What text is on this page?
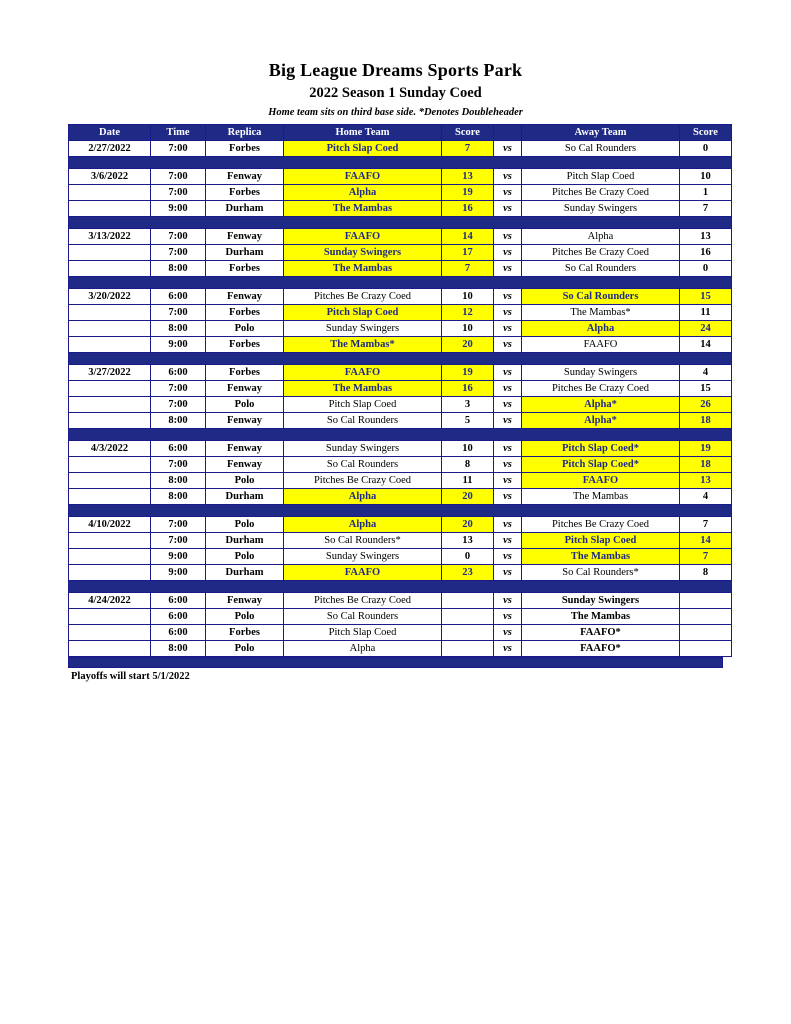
Big League Dreams Sports Park
2022 Season 1 Sunday Coed
Home team sits on third base side. *Denotes Doubleheader
Date	Time	Replica	Home Team	Score		Away Team	Score
2/27/2022	7:00	Forbes	Pitch Slap Coed	7	vs	So Cal Rounders	0

3/6/2022	7:00	Fenway	FAAFO	13	vs	Pitch Slap Coed	10
	7:00	Forbes	Alpha	19	vs	Pitches Be Crazy Coed	1
	9:00	Durham	The Mambas	16	vs	Sunday Swingers	7

3/13/2022	7:00	Fenway	FAAFO	14	vs	Alpha	13
	7:00	Durham	Sunday Swingers	17	vs	Pitches Be Crazy Coed	16
	8:00	Forbes	The Mambas	7	vs	So Cal Rounders	0

3/20/2022	6:00	Fenway	Pitches Be Crazy Coed	10	vs	So Cal Rounders	15
	7:00	Forbes	Pitch Slap Coed	12	vs	The Mambas*	11
	8:00	Polo	Sunday Swingers	10	vs	Alpha	24
	9:00	Forbes	The Mambas*	20	vs	FAAFO	14

3/27/2022	6:00	Forbes	FAAFO	19	vs	Sunday Swingers	4
	7:00	Fenway	The Mambas	16	vs	Pitches Be Crazy Coed	15
	7:00	Polo	Pitch Slap Coed	3	vs	Alpha*	26
	8:00	Fenway	So Cal Rounders	5	vs	Alpha*	18

4/3/2022	6:00	Fenway	Sunday Swingers	10	vs	Pitch Slap Coed*	19
	7:00	Fenway	So Cal Rounders	8	vs	Pitch Slap Coed*	18
	8:00	Polo	Pitches Be Crazy Coed	11	vs	FAAFO	13
	8:00	Durham	Alpha	20	vs	The Mambas	4

4/10/2022	7:00	Polo	Alpha	20	vs	Pitches Be Crazy Coed	7
	7:00	Durham	So Cal Rounders*	13	vs	Pitch Slap Coed	14
	9:00	Polo	Sunday Swingers	0	vs	The Mambas	7
	9:00	Durham	FAAFO	23	vs	So Cal Rounders*	8

4/24/2022	6:00	Fenway	Pitches Be Crazy Coed		vs	Sunday Swingers	
	6:00	Polo	So Cal Rounders		vs	The Mambas	
	6:00	Forbes	Pitch Slap Coed		vs	FAAFO*	
	8:00	Polo	Alpha		vs	FAAFO*	
Playoffs will start 5/1/2022
